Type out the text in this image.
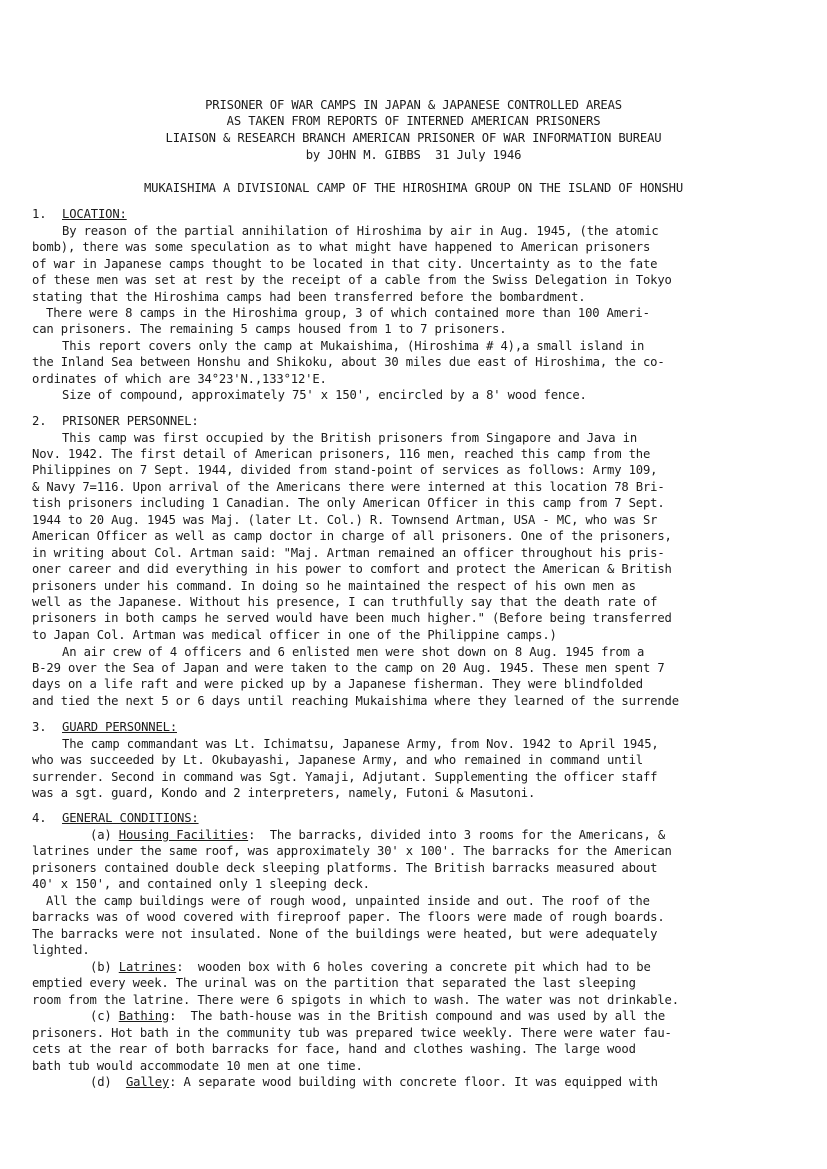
PRISONER OF WAR CAMPS IN JAPAN & JAPANESE CONTROLLED AREAS
AS TAKEN FROM REPORTS OF INTERNED AMERICAN PRISONERS
LIAISON & RESEARCH BRANCH AMERICAN PRISONER OF WAR INFORMATION BUREAU
by JOHN M. GIBBS  31 July 1946
MUKAISHIMA A DIVISIONAL CAMP OF THE HIROSHIMA GROUP ON THE ISLAND OF HONSHU
1. LOCATION:
By reason of the partial annihilation of Hiroshima by air in Aug. 1945, (the atomic
bomb), there was some speculation as to what might have happened to American prisoners
of war in Japanese camps thought to be located in that city. Uncertainty as to the fate
of these men was set at rest by the receipt of a cable from the Swiss Delegation in Tokyo
stating that the Hiroshima camps had been transferred before the bombardment.
There were 8 camps in the Hiroshima group, 3 of which contained more than 100 Ameri-
can prisoners. The remaining 5 camps housed from 1 to 7 prisoners.
This report covers only the camp at Mukaishima, (Hiroshima # 4),a small island in
the Inland Sea between Honshu and Shikoku, about 30 miles due east of Hiroshima, the co-
ordinates of which are 34°23'N.,133°12'E.
Size of compound, approximately 75' x 150', encircled by a 8' wood fence.
2. PRISONER PERSONNEL:
This camp was first occupied by the British prisoners from Singapore and Java in
Nov. 1942. The first detail of American prisoners, 116 men, reached this camp from the
Philippines on 7 Sept. 1944, divided from stand-point of services as follows: Army 109,
& Navy 7=116. Upon arrival of the Americans there were interned at this location 78 Bri-
tish prisoners including 1 Canadian. The only American Officer in this camp from 7 Sept.
1944 to 20 Aug. 1945 was Maj. (later Lt. Col.) R. Townsend Artman, USA - MC, who was Sr
American Officer as well as camp doctor in charge of all prisoners. One of the prisoners,
in writing about Col. Artman said: "Maj. Artman remained an officer throughout his pris-
oner career and did everything in his power to comfort and protect the American & British
prisoners under his command. In doing so he maintained the respect of his own men as
well as the Japanese. Without his presence, I can truthfully say that the death rate of
prisoners in both camps he served would have been much higher." (Before being transferred
to Japan Col. Artman was medical officer in one of the Philippine camps.)
An air crew of 4 officers and 6 enlisted men were shot down on 8 Aug. 1945 from a
B-29 over the Sea of Japan and were taken to the camp on 20 Aug. 1945. These men spent 7
days on a life raft and were picked up by a Japanese fisherman. They were blindfolded
and tied the next 5 or 6 days until reaching Mukaishima where they learned of the surrende
3. GUARD PERSONNEL:
The camp commandant was Lt. Ichimatsu, Japanese Army, from Nov. 1942 to April 1945,
who was succeeded by Lt. Okubayashi, Japanese Army, and who remained in command until
surrender. Second in command was Sgt. Yamaji, Adjutant. Supplementing the officer staff
was a sgt. guard, Kondo and 2 interpreters, namely, Futoni & Masutoni.
4. GENERAL CONDITIONS:
(a) Housing Facilities:  The barracks, divided into 3 rooms for the Americans, &
latrines under the same roof, was approximately 30' x 100'. The barracks for the American
prisoners contained double deck sleeping platforms. The British barracks measured about
40' x 150', and contained only 1 sleeping deck.
All the camp buildings were of rough wood, unpainted inside and out. The roof of the
barracks was of wood covered with fireproof paper. The floors were made of rough boards.
The barracks were not insulated. None of the buildings were heated, but were adequately
lighted.
(b) Latrines:  wooden box with 6 holes covering a concrete pit which had to be
emptied every week. The urinal was on the partition that separated the last sleeping
room from the latrine. There were 6 spigots in which to wash. The water was not drinkable.
(c) Bathing:  The bath-house was in the British compound and was used by all the
prisoners. Hot bath in the community tub was prepared twice weekly. There were water fau-
cets at the rear of both barracks for face, hand and clothes washing. The large wood
bath tub would accommodate 10 men at one time.
(d)  Galley: A separate wood building with concrete floor. It was equipped with
